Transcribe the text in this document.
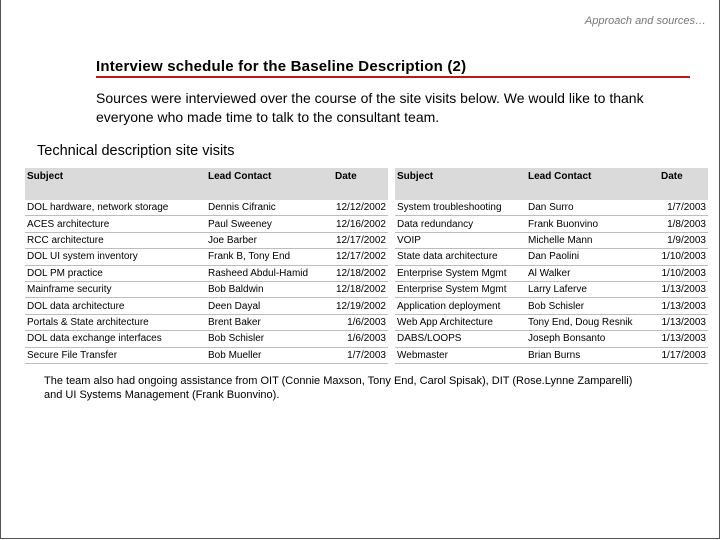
Approach and sources…
Interview schedule for the Baseline Description (2)
Sources were interviewed over the course of the site visits below. We would like to thank everyone who made time to talk to the consultant team.
Technical description site visits
Subject	Lead Contact	Date
DOL hardware, network storage	Dennis Cifranic	12/12/2002
ACES architecture	Paul Sweeney	12/16/2002
RCC architecture	Joe Barber	12/17/2002
DOL UI system inventory	Frank B, Tony End	12/17/2002
DOL PM practice	Rasheed Abdul-Hamid	12/18/2002
Mainframe security	Bob Baldwin	12/18/2002
DOL data architecture	Deen Dayal	12/19/2002
Portals & State architecture	Brent Baker	1/6/2003
DOL data exchange interfaces	Bob Schisler	1/6/2003
Secure File Transfer	Bob Mueller	1/7/2003
Subject	Lead Contact	Date
System troubleshooting	Dan Surro	1/7/2003
Data redundancy	Frank Buonvino	1/8/2003
VOIP	Michelle Mann	1/9/2003
State data architecture	Dan Paolini	1/10/2003
Enterprise System Mgmt	Al Walker	1/10/2003
Enterprise System Mgmt	Larry Laferve	1/13/2003
Application deployment	Bob Schisler	1/13/2003
Web App Architecture	Tony End, Doug Resnik	1/13/2003
DABS/LOOPS	Joseph Bonsanto	1/13/2003
Webmaster	Brian Burns	1/17/2003
The team also had ongoing assistance from OIT (Connie Maxson, Tony End, Carol Spisak), DIT (Rose.Lynne Zamparelli) and UI Systems Management (Frank Buonvino).
